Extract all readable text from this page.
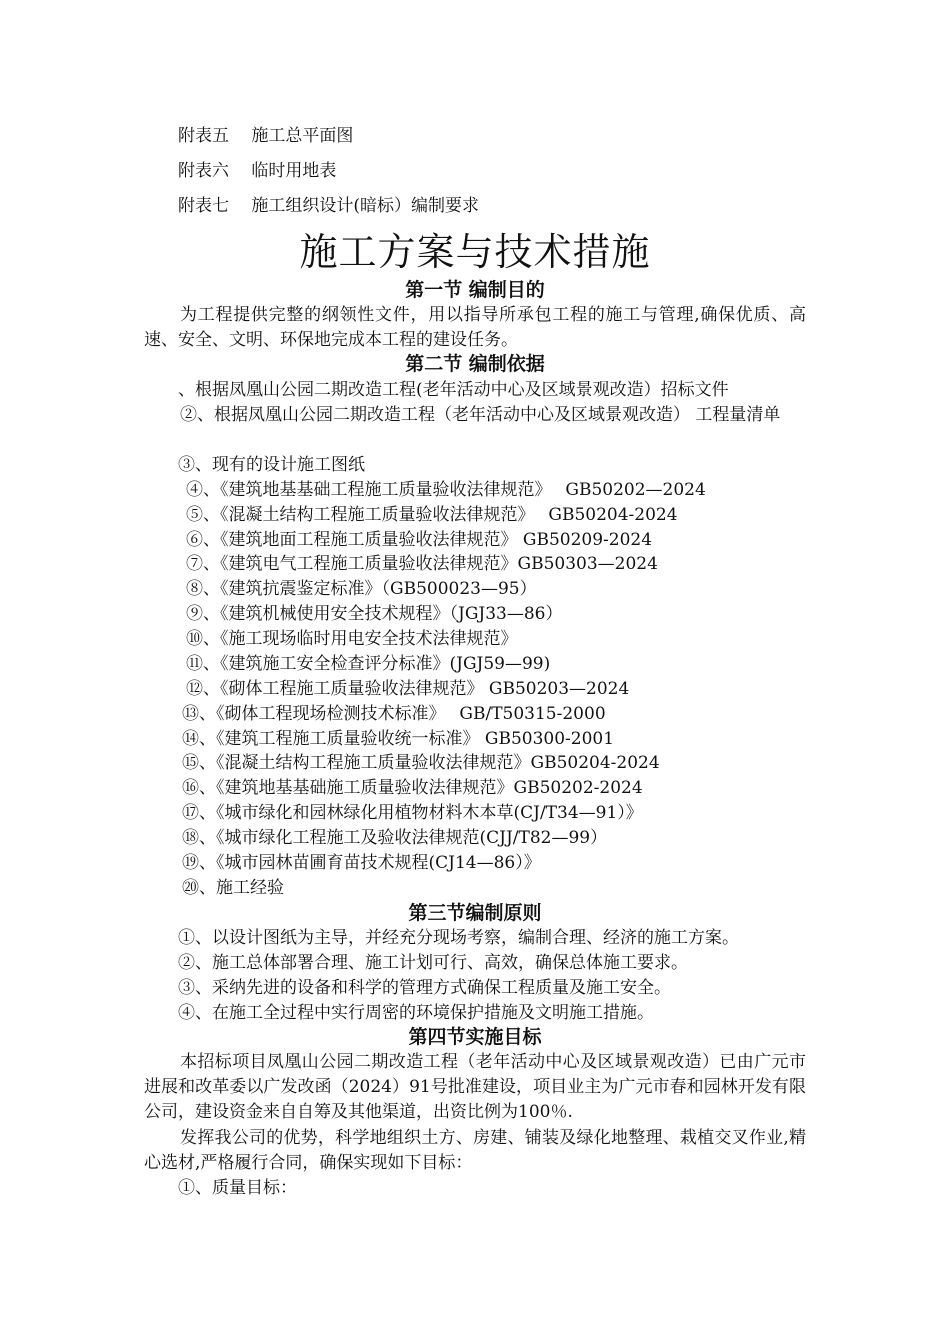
附表五　 施工总平面图
附表六　 临时用地表
附表七　 施工组织设计(暗标）编制要求
施工方案与技术措施
第一节 编制目的
为工程提供完整的纲领性文件，用以指导所承包工程的施工与管理,确保优质、高速、安全、文明、环保地完成本工程的建设任务。
第二节 编制依据
、根据凤凰山公园二期改造工程(老年活动中心及区域景观改造）招标文件
②、根据凤凰山公园二期改造工程（老年活动中心及区域景观改造） 工程量清单
③、现有的设计施工图纸
④、《建筑地基基础工程施工质量验收法律规范》　 GB50202—2024
⑤、《混凝土结构工程施工质量验收法律规范》　 GB50204-2024
⑥、《建筑地面工程施工质量验收法律规范》 GB50209-2024
⑦、《建筑电气工程施工质量验收法律规范》GB50303—2024
⑧、《建筑抗震鉴定标准》（GB500023—95）
⑨、《建筑机械使用安全技术规程》（JGJ33—86）
⑩、《施工现场临时用电安全技术法律规范》
⑪、《建筑施工安全检查评分标准》(JGJ59—99)
⑫、《砌体工程施工质量验收法律规范》 GB50203—2024
⑬、《砌体工程现场检测技术标准》　 GB/T50315-2000
⑭、《建筑工程施工质量验收统一标准》 GB50300-2001
⑮、《混凝土结构工程施工质量验收法律规范》GB50204-2024
⑯、《建筑地基基础施工质量验收法律规范》GB50202-2024
⑰、《城市绿化和园林绿化用植物材料木本草(CJ/T34—91）》
⑱、《城市绿化工程施工及验收法律规范(CJJ/T82—99）
⑲、《城市园林苗圃育苗技术规程(CJ14—86）》
⑳、施工经验
第三节编制原则
①、以设计图纸为主导，并经充分现场考察，编制合理、经济的施工方案。
②、施工总体部署合理、施工计划可行、高效，确保总体施工要求。
③、采纳先进的设备和科学的管理方式确保工程质量及施工安全。
④、在施工全过程中实行周密的环境保护措施及文明施工措施。
第四节实施目标
本招标项目凤凰山公园二期改造工程（老年活动中心及区域景观改造）已由广元市进展和改革委以广发改函（2024）91号批准建设，项目业主为广元市春和园林开发有限公司，建设资金来自自筹及其他渠道，出资比例为100％.
发挥我公司的优势，科学地组织土方、房建、铺装及绿化地整理、栽植交叉作业,精心选材,严格履行合同，确保实现如下目标：
①、质量目标：
